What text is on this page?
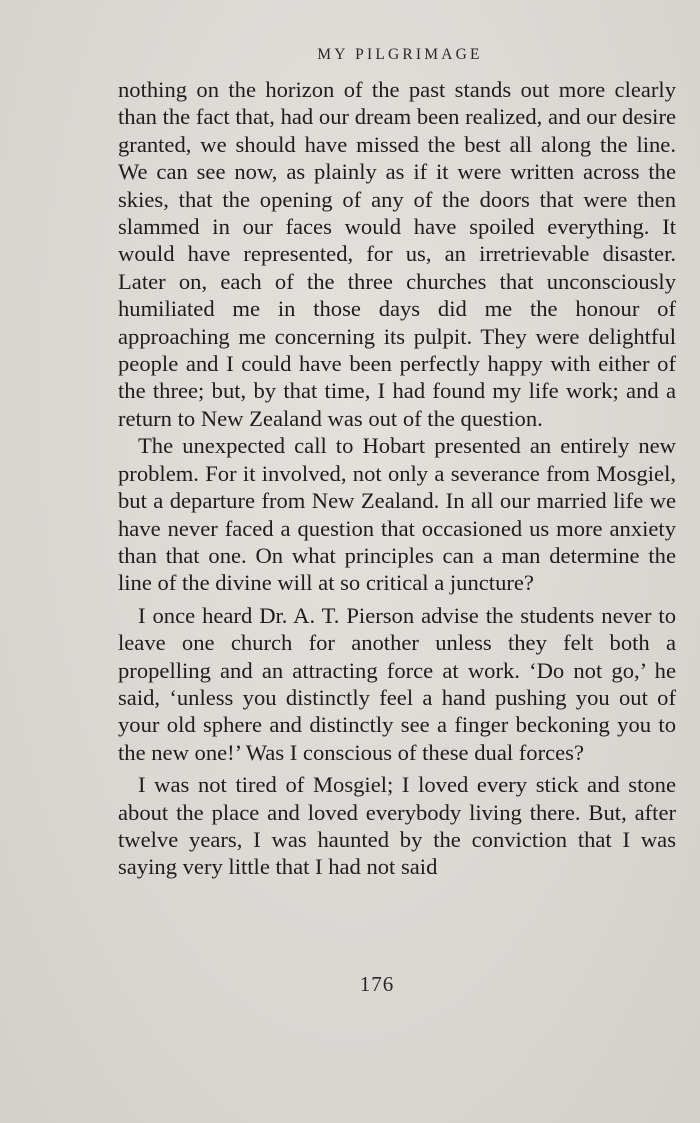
MY PILGRIMAGE

nothing on the horizon of the past stands out more clearly than the fact that, had our dream been realized, and our desire granted, we should have missed the best all along the line. We can see now, as plainly as if it were written across the skies, that the opening of any of the doors that were then slammed in our faces would have spoiled everything. It would have represented, for us, an irretrievable disaster. Later on, each of the three churches that unconsciously humiliated me in those days did me the honour of approaching me concerning its pulpit. They were delightful people and I could have been perfectly happy with either of the three; but, by that time, I had found my life work; and a return to New Zealand was out of the question.

The unexpected call to Hobart presented an entirely new problem. For it involved, not only a severance from Mosgiel, but a departure from New Zealand. In all our married life we have never faced a question that occasioned us more anxiety than that one. On what principles can a man determine the line of the divine will at so critical a juncture?

I once heard Dr. A. T. Pierson advise the students never to leave one church for another unless they felt both a propelling and an attracting force at work. ‘Do not go,’ he said, ‘unless you distinctly feel a hand pushing you out of your old sphere and distinctly see a finger beckoning you to the new one!’ Was I conscious of these dual forces?

I was not tired of Mosgiel; I loved every stick and stone about the place and loved everybody living there. But, after twelve years, I was haunted by the conviction that I was saying very little that I had not said

176
